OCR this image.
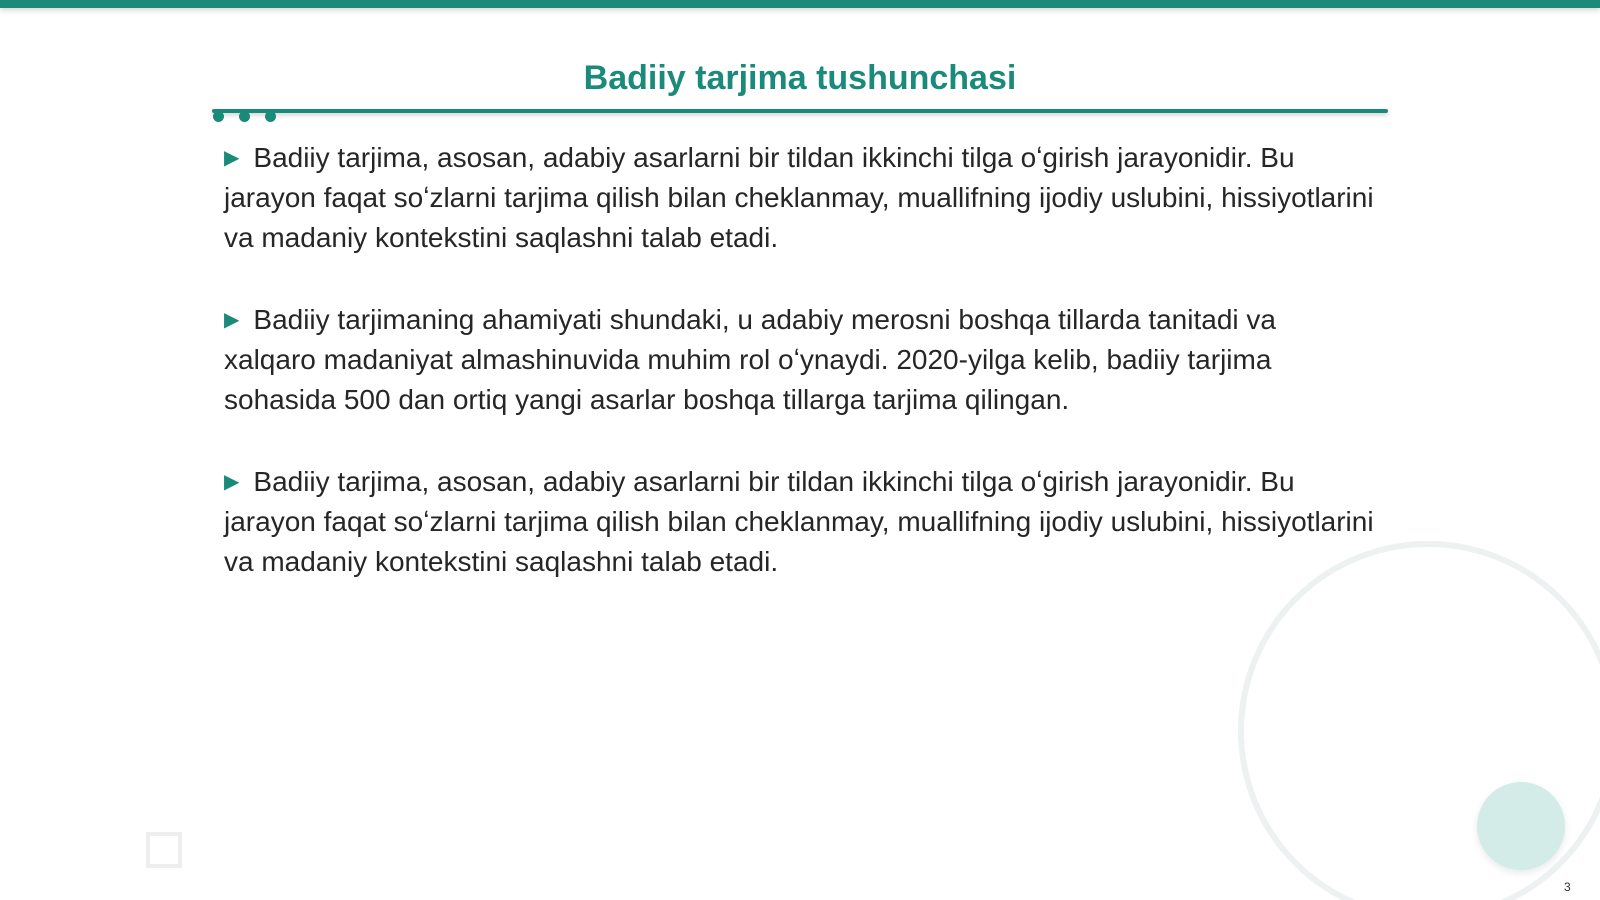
Badiiy tarjima tushunchasi

▶ Badiiy tarjima, asosan, adabiy asarlarni bir tildan ikkinchi tilga oʻgirish jarayonidir. Bu jarayon faqat soʻzlarni tarjima qilish bilan cheklanmay, muallifning ijodiy uslubini, hissiyotlarini va madaniy kontekstini saqlashni talab etadi.

▶ Badiiy tarjimaning ahamiyati shundaki, u adabiy merosni boshqa tillarda tanitadi va xalqaro madaniyat almashinuvida muhim rol oʻynaydi. 2020-yilga kelib, badiiy tarjima sohasida 500 dan ortiq yangi asarlar boshqa tillarga tarjima qilingan.

▶ Badiiy tarjima, asosan, adabiy asarlarni bir tildan ikkinchi tilga oʻgirish jarayonidir. Bu jarayon faqat soʻzlarni tarjima qilish bilan cheklanmay, muallifning ijodiy uslubini, hissiyotlarini va madaniy kontekstini saqlashni talab etadi.

3
